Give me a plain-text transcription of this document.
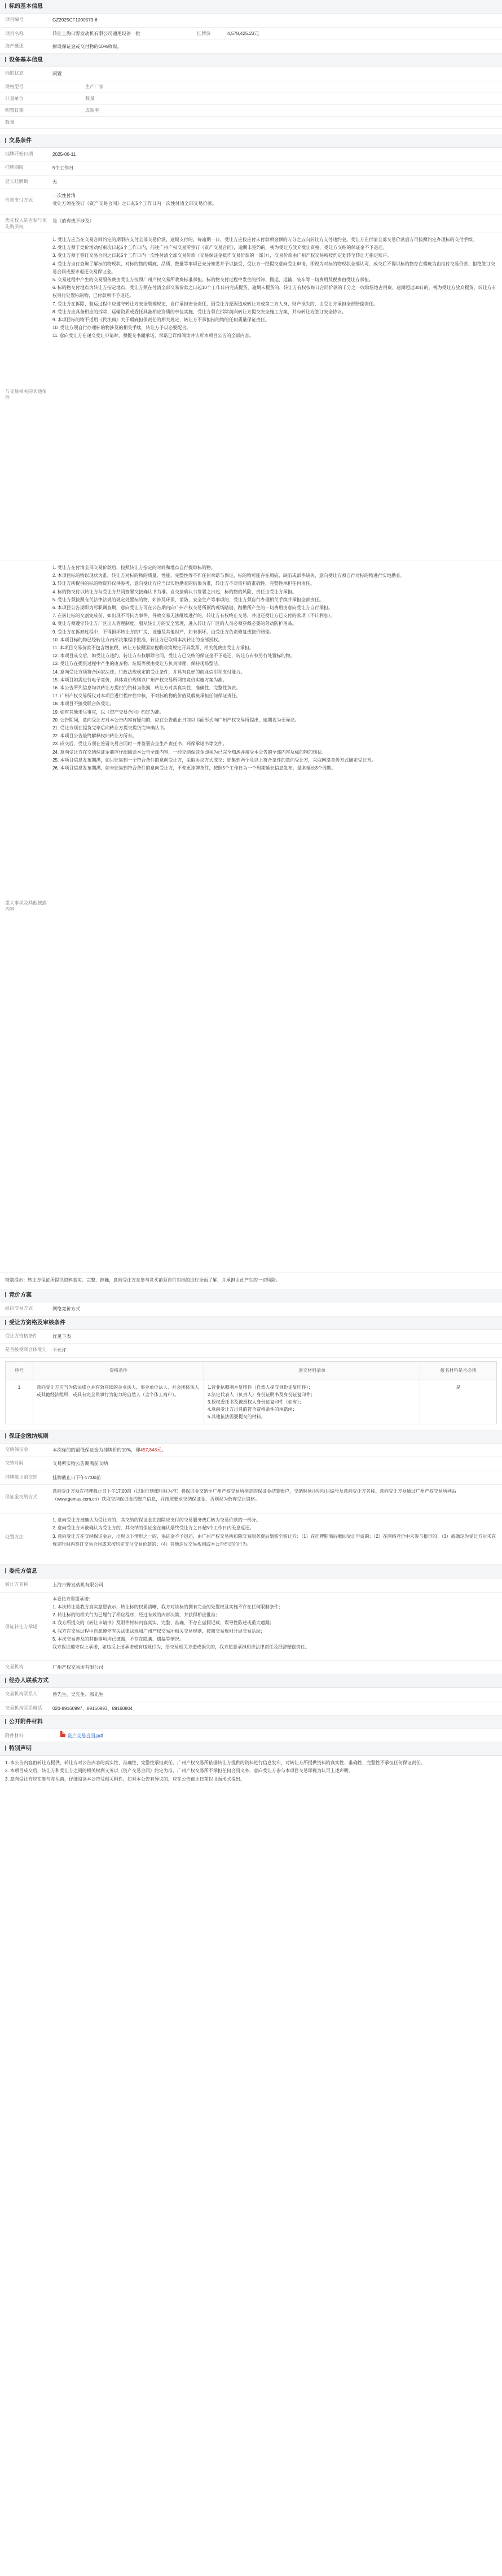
标的基本信息
项目编号	GZ2025CF1000579-6
项目名称	转让上海日野发动机有限公司通用设备一批	挂牌价	4,578,425.23元
资产概述	拆设保证金或交付物的10%收取。
设备基本信息
标的状态	闲置
规格型号	生产厂家
计量单位	数量
购置日期	成新率
数量
交易条件
挂牌开始日期	2025-06-11
挂牌期限	5个工作日
延长挂牌期	无
价款支付方式
一次性付清
受让方须在签订《资产交易合同》之日起5个工作日内一次性付清全部交易价款。
优先权人是否参与优先购买权
是（放弃或不涉及）
与交易相关的其他条件
1. 受让方应当在交易合同约定的期限内支付全部交易价款，逾期支付的，每逾期一日，受让方应按应付未付款项金额的万分之五向转让方支付违约金。受让方在付清全部交易价款后方可按照约定办理标的交付手续。
2. 受让方须于竞价活动结束次日起5个工作日内，前往广州产权交易所签订《资产交易合同》，逾期未签约的，视为受让方放弃受让资格，受让方交纳的保证金不予退还。
3. 受让方须于签订交易合同之日起5个工作日内一次性付清全部交易价款（交易保证金抵作交易价款的一部分），交易价款由广州产权交易所按约定划转至转让方指定账户。
4. 受让方自行查询了解标的物现状，对标的物的瑕疵、品质、数量等事项已充分知悉并予以接受，受让方一经提交意向受让申请，即视为对标的物现状全部认可，成交后不得以标的物存在瑕疵为由拒付交易价款、拒绝签订交易合同或要求退还交易保证金。
5. 交易过程中产生的交易服务费由受让方按照广州产权交易所收费标准承担。标的物交付过程中发生的拆卸、搬运、运输、装车等一切费用及税费由受让方承担。
6. 标的物交付地点为转让方指定地点，受让方须在付清全部交易价款之日起10个工作日内完成提货，逾期未提货的，转让方有权按每日合同价款的千分之一收取场地占用费，逾期超过30日的，视为受让方放弃提货，转让方有权另行处置标的物，已付款项不予退还。
7. 受让方在拆除、装运过程中应遵守转让方安全管理规定，自行承担安全责任，因受让方原因造成转让方或第三方人身、财产损失的，由受让方承担全部赔偿责任。
8. 受让方应具备相应的拆除、运输资质或委托具备相应资质的单位实施，受让方须在拆除前向转让方提交安全施工方案，并与转让方签订安全协议。
9. 本项目标的物不适用《民法典》关于瑕疵担保责任的相关规定，转让方不承担标的物的任何质量保证责任。
10. 受让方须自行办理标的物涉及的相关手续，转让方予以必要配合。
11. 意向受让方在递交受让申请时，须提交书面承诺，承诺已详细阅读并认可本项目公告的全部内容。
重大事项及其他披露内容
1. 受让方在付清全部交易价款后，按照转让方指定的时间和地点自行提取标的物。
2. 本项目标的物以现状为准，转让方对标的物的质量、性能、完整性等不作任何承诺与保证，标的物可能存在瑕疵、缺陷或部件缺失，意向受让方须自行对标的物进行实地勘查。
3. 转让方所提供的标的物资料仅供参考，意向受让方应当以实地勘查的结果为准，转让方不对资料的准确性、完整性承担任何责任。
4. 标的物交付以转让方与受让方共同签署交接确认书为准。自交接确认书签署之日起，标的物的风险、责任由受让方承担。
5. 受让方须按照有关法律法规的规定处置标的物，如涉及环保、消防、安全生产等事项的，受让方须自行办理相关手续并承担全部责任。
6. 本项目公告期即为尽职调查期，意向受让方可在公告期内向广州产权交易所预约现场踏勘，踏勘所产生的一切费用由意向受让方自行承担。
7. 在转让标的交割完成前，如出现不可抗力事件，导致交易无法继续进行的，转让方有权终止交易，并退还受让方已支付的款项（不计利息）。
8. 受让方须遵守转让方厂区出入管理制度，服从转让方的安全管理，进入转让方厂区的人员必须穿戴必要的劳动防护用品。
9. 受让方在拆卸过程中，不得损坏转让方的厂房、设施及其他财产，如有损坏，由受让方负责修复或按价赔偿。
10. 本项目标的物已经转让方内部决策程序批准，转让方已取得本次转让的全部授权。
11. 本项目交易价款不包含增值税，转让方按照国家税收政策规定开具发票，相关税费由受让方承担。
12. 本项目成交后，如受让方违约，转让方有权解除合同，受让方已交纳的保证金不予退还，转让方有权另行处置标的物。
13. 受让方在提货过程中产生的废弃物、垃圾等须由受让方负责清理，保持现场整洁。
14. 意向受让方须符合国家法律、行政法规规定的受让条件，并具有良好的商业信用和支付能力。
15. 本项目如需进行电子竞价，具体竞价规则以广州产权交易所网络竞价实施方案为准。
16. 本公告所列信息均以转让方提供的资料为依据，转让方对其真实性、准确性、完整性负责。
17. 广州产权交易所仅对本项目进行程序性审核，不对标的物的价值及瑕疵承担任何保证责任。
18. 本项目不接受联合体受让。
19. 如有其他未尽事宜，以《资产交易合同》约定为准。
20. 公告期间，意向受让方对本公告内容有疑问的，应在公告截止日前以书面形式向广州产权交易所提出，逾期视为无异议。
21. 受让方须在提货完毕后向转让方提交提货完毕确认书。
22. 本项目公告最终解释权归转让方所有。
23. 成交后，受让方须在签署交易合同时一并签署安全生产责任书、环保承诺书等文件。
24. 意向受让方在交纳保证金前应仔细阅读本公告全部内容，一经交纳保证金即视为已完全知悉并接受本公告的全部内容及标的物的现状。
25. 本项目信息发布期满，如只征集到一个符合条件的意向受让方，采取协议方式成交；征集到两个及以上符合条件的意向受让方，采取网络竞价方式确定受让方。
26. 本项目信息发布期满，如未征集到符合条件的意向受让方，不变更挂牌条件，按照5个工作日为一个周期延长信息发布，最多延长3个周期。
特别提示：转让方保证所提供资料真实、完整、准确，意向受让方在参与竞买前须自行对标的进行全面了解，并承担由此产生的一切风险。
竞价方案
组织交易方式	网络竞价方式
受让方资格及审核条件
受让方资格条件	详见下表
是否接受联合体受让	不允许
序号	资格条件	递交材料清单	报名材料是否必填
1	意向受让方应当为依法成立并有效存续的企业法人、事业单位法人、社会团体法人或其他经济组织，或具有完全民事行为能力的自然人（含个体工商户）。	1.营业执照副本复印件（自然人提交身份证复印件）；
2.法定代表人（负责人）身份证明书及身份证复印件；
3.授权委托书及被授权人身份证复印件（如有）；
4.意向受让方出具的符合资格条件的承诺函；
5.其他依法需要提交的材料。	是
保证金缴纳规则
交纳保证金	本次标的的最低保证金为挂牌价的10%，即457,843元。
交纳时间	交易所实物公告期满前交纳
挂牌截止前交纳	挂牌截止日下午17:00前
保证金交纳方式
意向受让方须在挂牌截止日下午17:00前（以银行到账时间为准）将保证金交纳至广州产权交易所指定的保证金结算账户，交纳时须注明项目编号及意向受让方名称。意向受让方须通过广州产权交易所网站（www.gemas.com.cn）获取交纳保证金的账户信息，并按照要求交纳保证金，否则视为放弃受让资格。
处置方法
1. 意向受让方被确认为受让方的，其交纳的保证金在扣除应支付的交易服务费后转为交易价款的一部分。
2. 意向受让方未被确认为受让方的，其交纳的保证金在确认最终受让方之日起5个工作日内无息返还。
3. 意向受让方在交纳保证金后，出现以下情形之一的，保证金不予退还，由广州产权交易所扣除交易服务费后划转至转让方：（1）在挂牌期满后撤回受让申请的；（2）在网络竞价中未参与报价的；（3）被确定为受让方后未在规定时间内签订交易合同或未按约定支付交易价款的；（4）其他违反交易规则或本公告约定的行为。
委托方信息
转让方名称	上海日野发动机有限公司
保证转让方承诺
本委托方郑重承诺：
1. 本次转让是我方真实意愿表示，转让标的权属清晰，我方对该标的拥有完全的处置权且实施不存在任何限制条件；
2. 转让标的的相关行为已履行了相应程序，经过有效的内部决策，并获得相应批准；
3. 我方所提交的《转让申请书》及附件材料内容真实、完整、准确，不存在虚假记载、误导性陈述或重大遗漏；
4. 我方在交易过程中自愿遵守有关法律法规和广州产权交易所相关交易规则，按照交易规则开展交易活动；
5. 本次交易涉及的其他事项均已披露，不存在隐瞒、遗漏等情况。
我方保证遵守以上承诺，如违反上述承诺或有违规行为，给交易相关方造成损失的，我方愿意承担相应法律责任及经济赔偿责任。
交易机构	广州产权交易所有限公司
经办人联系方式
交易机构联系人	蔡先生、吴先生、郭先生
交易机构联系电话	020-89160997、89160993、89160804
公开附件材料
附件材料	资产交易合同.pdf

特别声明
1. 本公告内容由转让方提供，转让方对公告内容的真实性、准确性、完整性承担责任。广州产权交易所依据转让方提供的资料进行信息发布，对转让方所提供资料的真实性、准确性、完整性不承担任何保证责任。
2. 本项目成交后，转让方和受让方之间的相关权利义务以《资产交易合同》约定为准，广州产权交易所不承担任何合同义务，意向受让方参与本项目交易即视为认可上述声明。
3. 意向受让方应在参与竞买前，仔细阅读本公告及相关附件，如对本公告有异议的，应在公告截止日前以书面形式提出。
